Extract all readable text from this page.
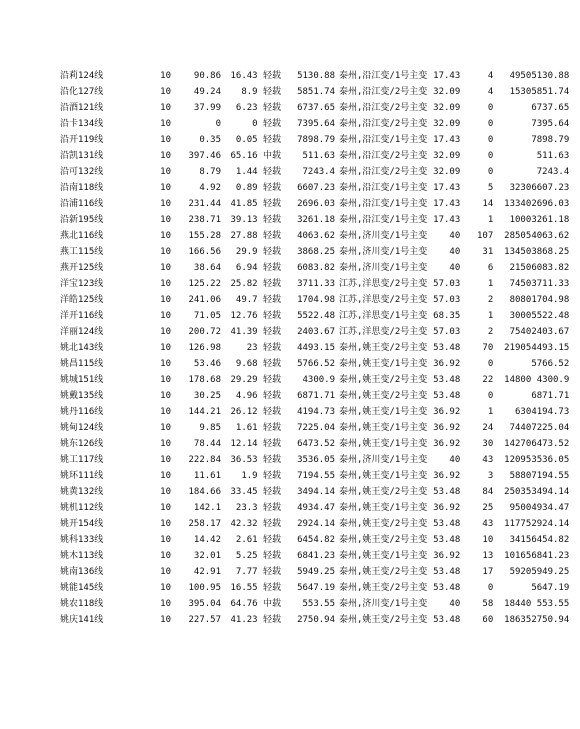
沿莉124线	10	90.86	16.43 轻载	5130.88		泰州,沿江变/1号主变	17.43	4	4950	5130.88
沿化127线	10	49.24	8.9 轻载	5851.74		泰州,沿江变/2号主变	32.09	4	1530	5851.74
沿酒121线	10	37.99	6.23 轻载	6737.65		泰州,沿江变/2号主变	32.09	0		6737.65
沿卡134线	10	0	0 轻载	7395.64		泰州,沿江变/2号主变	32.09	0		7395.64
沿开119线	10	0.35	0.05 轻载	7898.79		泰州,沿江变/1号主变	17.43	0		7898.79
沿凯131线	10	397.46	65.16 中载	511.63		泰州,沿江变/2号主变	32.09	0		511.63
沿可132线	10	8.79	1.44 轻载	7243.4		泰州,沿江变/2号主变	32.09	0		7243.4
沿南118线	10	4.92	0.89 轻载	6607.23		泰州,沿江变/1号主变	17.43	5	3230	6607.23
沿浦116线	10	231.44	41.85 轻载	2696.03		泰州,沿江变/1号主变	17.43	14	13340	2696.03
沿新195线	10	238.71	39.13 轻载	3261.18		泰州,沿江变/1号主变	17.43	1	1000	3261.18
燕北116线	10	155.28	27.88 轻载	4063.62		泰州,济川变/1号主变	40	107	28505	4063.62
燕工115线	10	166.56	29.9 轻载	3868.25		泰州,济川变/1号主变	40	31	13450	3868.25
燕开125线	10	38.64	6.94 轻载	6083.82		泰州,济川变/1号主变	40	6	2150	6083.82
洋宝123线	10	125.22	25.82 轻载	3711.33		江苏,洋思变/2号主变	57.03	1	7450	3711.33
洋皓125线	10	241.06	49.7 轻载	1704.98		江苏,洋思变/2号主变	57.03	2	8080	1704.98
洋开116线	10	71.05	12.76 轻载	5522.48		江苏,洋思变/1号主变	68.35	1	3000	5522.48
洋丽124线	10	200.72	41.39 轻载	2403.67		江苏,洋思变/2号主变	57.03	2	7540	2403.67
姚北143线	10	126.98	23 轻载	4493.15		泰州,姚王变/2号主变	53.48	70	21905	4493.15
姚昌115线	10	53.46	9.68 轻载	5766.52		泰州,姚王变/1号主变	36.92	0		5766.52
姚城151线	10	178.68	29.29 轻载	4300.9		泰州,姚王变/2号主变	53.48	22	14800	4300.9
姚戴135线	10	30.25	4.96 轻载	6871.71		泰州,姚王变/2号主变	53.48	0		6871.71
姚丹116线	10	144.21	26.12 轻载	4194.73		泰州,姚王变/1号主变	36.92	1	630	4194.73
姚甸124线	10	9.85	1.61 轻载	7225.04		泰州,姚王变/1号主变	36.92	24	7440	7225.04
姚东126线	10	78.44	12.14 轻载	6473.52		泰州,姚王变/1号主变	36.92	30	14270	6473.52
姚工117线	10	222.84	36.53 轻载	3536.05		泰州,济川变/1号主变	40	43	12095	3536.05
姚环111线	10	11.61	1.9 轻载	7194.55		泰州,姚王变/1号主变	36.92	3	5880	7194.55
姚黄132线	10	184.66	33.45 轻载	3494.14		泰州,姚王变/2号主变	53.48	84	25035	3494.14
姚机112线	10	142.1	23.3 轻载	4934.47		泰州,姚王变/1号主变	36.92	25	9500	4934.47
姚开154线	10	258.17	42.32 轻载	2924.14		泰州,姚王变/2号主变	53.48	43	11775	2924.14
姚科133线	10	14.42	2.61 轻载	6454.82		泰州,姚王变/2号主变	53.48	10	3415	6454.82
姚木113线	10	32.01	5.25 轻载	6841.23		泰州,姚王变/1号主变	36.92	13	10165	6841.23
姚南136线	10	42.91	7.77 轻载	5949.25		泰州,姚王变/2号主变	53.48	17	5920	5949.25
姚能145线	10	100.95	16.55 轻载	5647.19		泰州,姚王变/2号主变	53.48	0		5647.19
姚农118线	10	395.04	64.76 中载	553.55		泰州,济川变/1号主变	40	58	18440	553.55
姚庆141线	10	227.57	41.23 轻载	2750.94		泰州,姚王变/2号主变	53.48	60	18635	2750.94
